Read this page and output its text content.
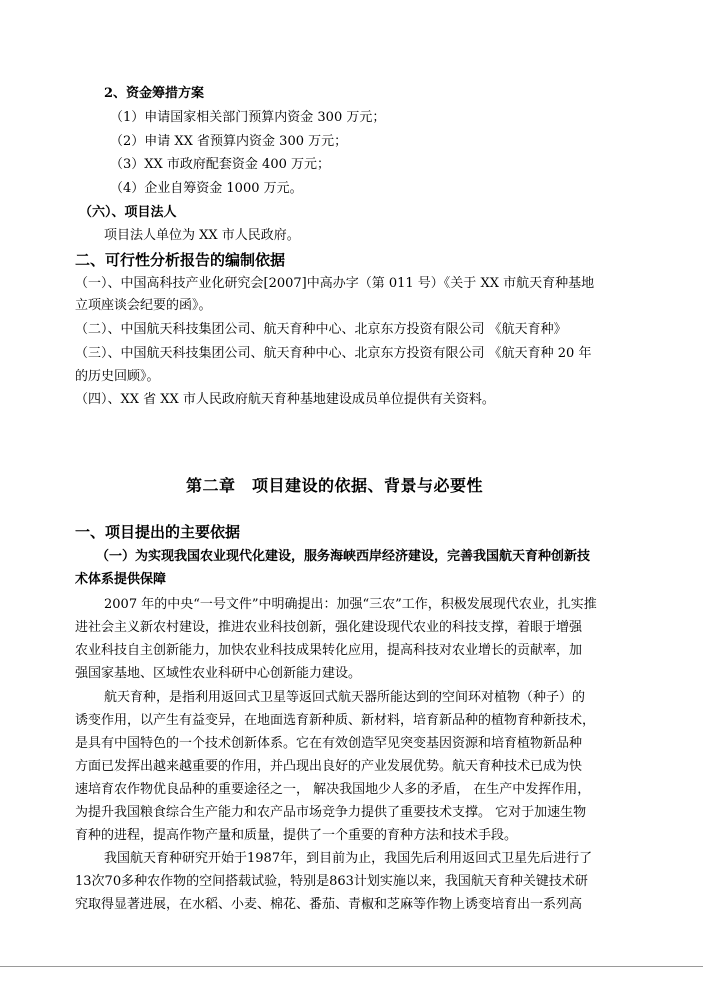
2、资金筹措方案
（1）申请国家相关部门预算内资金 300 万元；
（2）申请 XX 省预算内资金 300 万元；
（3）XX 市政府配套资金 400 万元；
（4）企业自筹资金 1000 万元。
（六）、项目法人
项目法人单位为 XX 市人民政府。
二、可行性分析报告的编制依据
（一）、中国高科技产业化研究会[2007]中高办字（第 011 号）《关于 XX 市航天育种基地
立项座谈会纪要的函》。
（二）、中国航天科技集团公司、航天育种中心、北京东方投资有限公司 《航天育种》
（三）、中国航天科技集团公司、航天育种中心、北京东方投资有限公司 《航天育种 20 年
的历史回顾》。
（四）、XX 省 XX 市人民政府航天育种基地建设成员单位提供有关资料。
第二章　项目建设的依据、背景与必要性
一、项目提出的主要依据
（一）为实现我国农业现代化建设，服务海峡西岸经济建设，完善我国航天育种创新技
术体系提供保障
2007 年的中央“一号文件”中明确提出：加强“三农”工作，积极发展现代农业，扎实推
进社会主义新农村建设，推进农业科技创新，强化建设现代农业的科技支撑，着眼于增强
农业科技自主创新能力，加快农业科技成果转化应用，提高科技对农业增长的贡献率，加
强国家基地、区域性农业科研中心创新能力建设。
航天育种，是指利用返回式卫星等返回式航天器所能达到的空间环对植物（种子）的
诱变作用，以产生有益变异，在地面选育新种质、新材料，培育新品种的植物育种新技术，
是具有中国特色的一个技术创新体系。它在有效创造罕见突变基因资源和培育植物新品种
方面已发挥出越来越重要的作用，并凸现出良好的产业发展优势。航天育种技术已成为快
速培育农作物优良品种的重要途径之一， 解决我国地少人多的矛盾， 在生产中发挥作用，
为提升我国粮食综合生产能力和农产品市场竞争力提供了重要技术支撑。 它对于加速生物
育种的进程，提高作物产量和质量，提供了一个重要的育种方法和技术手段。
我国航天育种研究开始于1987年，到目前为止，我国先后利用返回式卫星先后进行了
13次70多种农作物的空间搭载试验，特别是863计划实施以来，我国航天育种关键技术研
究取得显著进展，在水稻、小麦、棉花、番茄、青椒和芝麻等作物上诱变培育出一系列高
